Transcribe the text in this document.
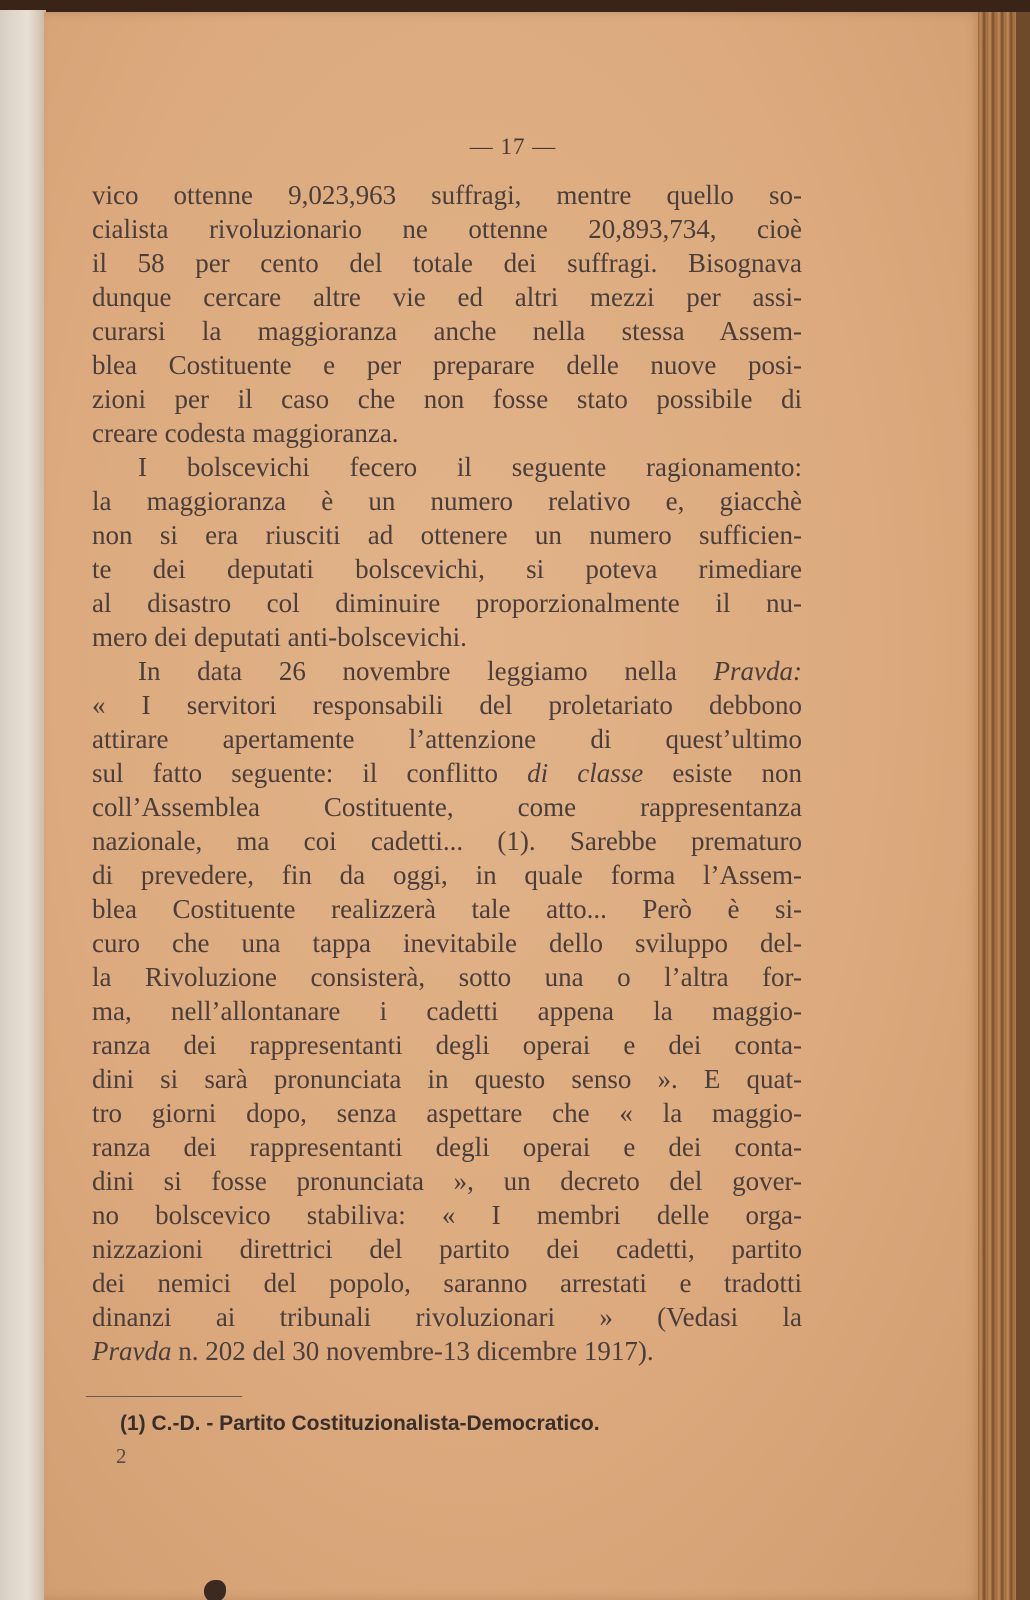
— 17 —
vico ottenne 9,023,963 suffragi, mentre quello so-
cialista rivoluzionario ne ottenne 20,893,734, cioè
il 58 per cento del totale dei suffragi. Bisognava
dunque cercare altre vie ed altri mezzi per assi-
curarsi la maggioranza anche nella stessa Assem-
blea Costituente e per preparare delle nuove posi-
zioni per il caso che non fosse stato possibile di
creare codesta maggioranza.
I bolscevichi fecero il seguente ragionamento:
la maggioranza è un numero relativo e, giacchè
non si era riusciti ad ottenere un numero sufficien-
te dei deputati bolscevichi, si poteva rimediare
al disastro col diminuire proporzionalmente il nu-
mero dei deputati anti-bolscevichi.
In data 26 novembre leggiamo nella Pravda:
« I servitori responsabili del proletariato debbono
attirare apertamente l’attenzione di quest’ultimo
sul fatto seguente: il conflitto di classe esiste non
coll’Assemblea Costituente, come rappresentanza
nazionale, ma coi cadetti... (1). Sarebbe prematuro
di prevedere, fin da oggi, in quale forma l’Assem-
blea Costituente realizzerà tale atto... Però è si-
curo che una tappa inevitabile dello sviluppo del-
la Rivoluzione consisterà, sotto una o l’altra for-
ma, nell’allontanare i cadetti appena la maggio-
ranza dei rappresentanti degli operai e dei conta-
dini si sarà pronunciata in questo senso ». E quat-
tro giorni dopo, senza aspettare che « la maggio-
ranza dei rappresentanti degli operai e dei conta-
dini si fosse pronunciata », un decreto del gover-
no bolscevico stabiliva: « I membri delle orga-
nizzazioni direttrici del partito dei cadetti, partito
dei nemici del popolo, saranno arrestati e tradotti
dinanzi ai tribunali rivoluzionari » (Vedasi la
Pravda n. 202 del 30 novembre-13 dicembre 1917).
(1) C.-D. - Partito Costituzionalista-Democratico.
2
